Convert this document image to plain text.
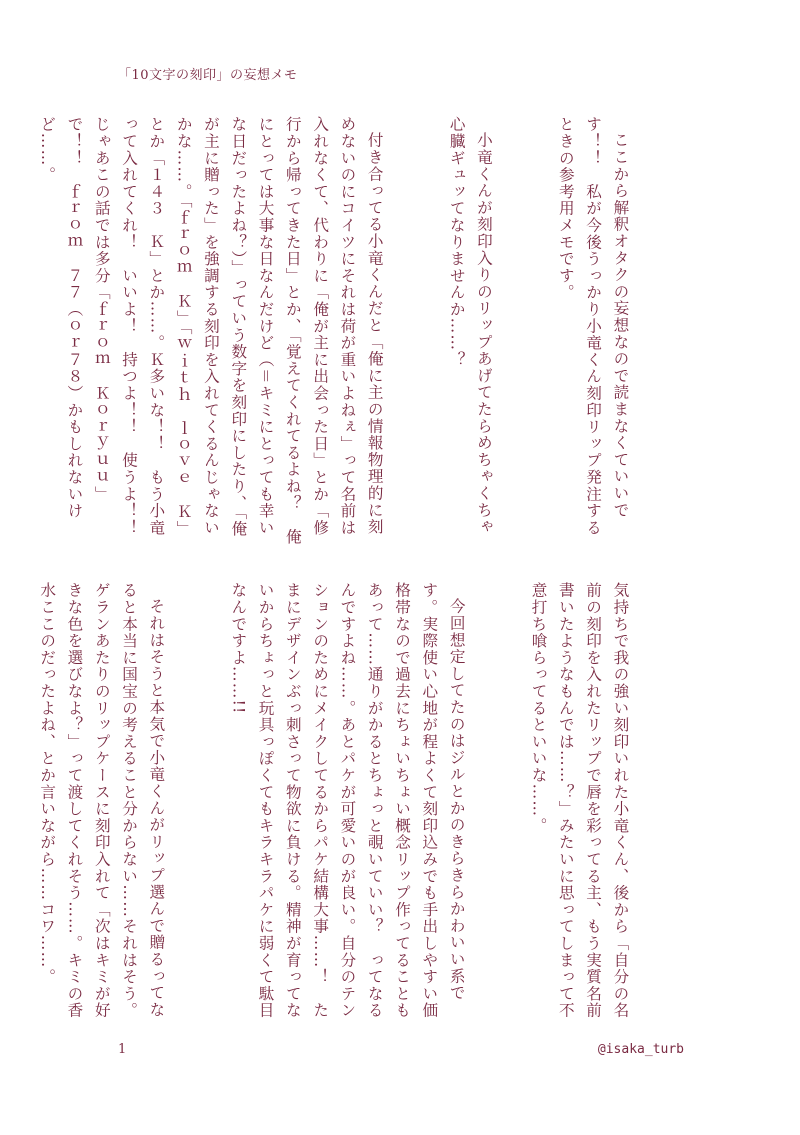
「10文字の刻印」の妄想メモ

ここから解釈オタクの妄想なので読まなくていいです！！　私が今後うっかり小竜くん刻印リップ発注するときの参考用メモです。

小竜くんが刻印入りのリップあげてたらめちゃくちゃ心臓ギュッてなりませんか……？

付き合ってる小竜くんだと「俺に主の情報物理的に刻めないのにコイツにそれは荷が重いよねぇ」って名前は入れなくて、代わりに「俺が主に出会った日」とか「修行から帰ってきた日」とか、「覚えてくれてるよね？　俺にとっては大事な日なんだけど（＝キミにとっても幸いな日だったよね？）」っていう数字を刻印にしたり、「俺が主に贈った」を強調する刻印を入れてくるんじゃないかな……。「ｆｒｏｍ　Ｋ」「ｗｉｔｈ　ｌｏｖｅ　Ｋ」とか「１４３　Ｋ」とか……。Ｋ多いな！！　もう小竜って入れてくれ！　いいよ！　持つよ！！　使うよ！！　じゃあこの話では多分「ｆｒｏｍ　Ｋｏｒｙｕｕ」で！！　ｆｒｏｍ　７７（ｏｒ７８）かもしれないけど……。

気持ちで我の強い刻印いれた小竜くん、後から「自分の名前の刻印を入れたリップで唇を彩ってる主、もう実質名前書いたようなもんでは……？」みたいに思ってしまって不意打ち喰らってるといいな……。

今回想定してたのはジルとかのきらきらかわいい系です。実際使い心地が程よくて刻印込みでも手出しやすい価格帯なので過去にちょいちょい概念リップ作ってることもあって……通りがかるとちょっと覗いていい？　ってなるんですよね……。あとパケが可愛いのが良い。自分のテンションのためにメイクしてるからパケ結構大事……！　たまにデザインぶっ刺さって物欲に負ける。精神が育ってないからちょっと玩具っぽくてもキラキラパケに弱くて駄目なんですよ……!!

それはそうと本気で小竜くんがリップ選んで贈るってなると本当に国宝の考えること分からない……それはそう。ゲランあたりのリップケースに刻印入れて「次はキミが好きな色を選びなよ？」って渡してくれそう……。キミの香水ここのだったよね、とか言いながら……コワ……。

1	@isaka_turb
